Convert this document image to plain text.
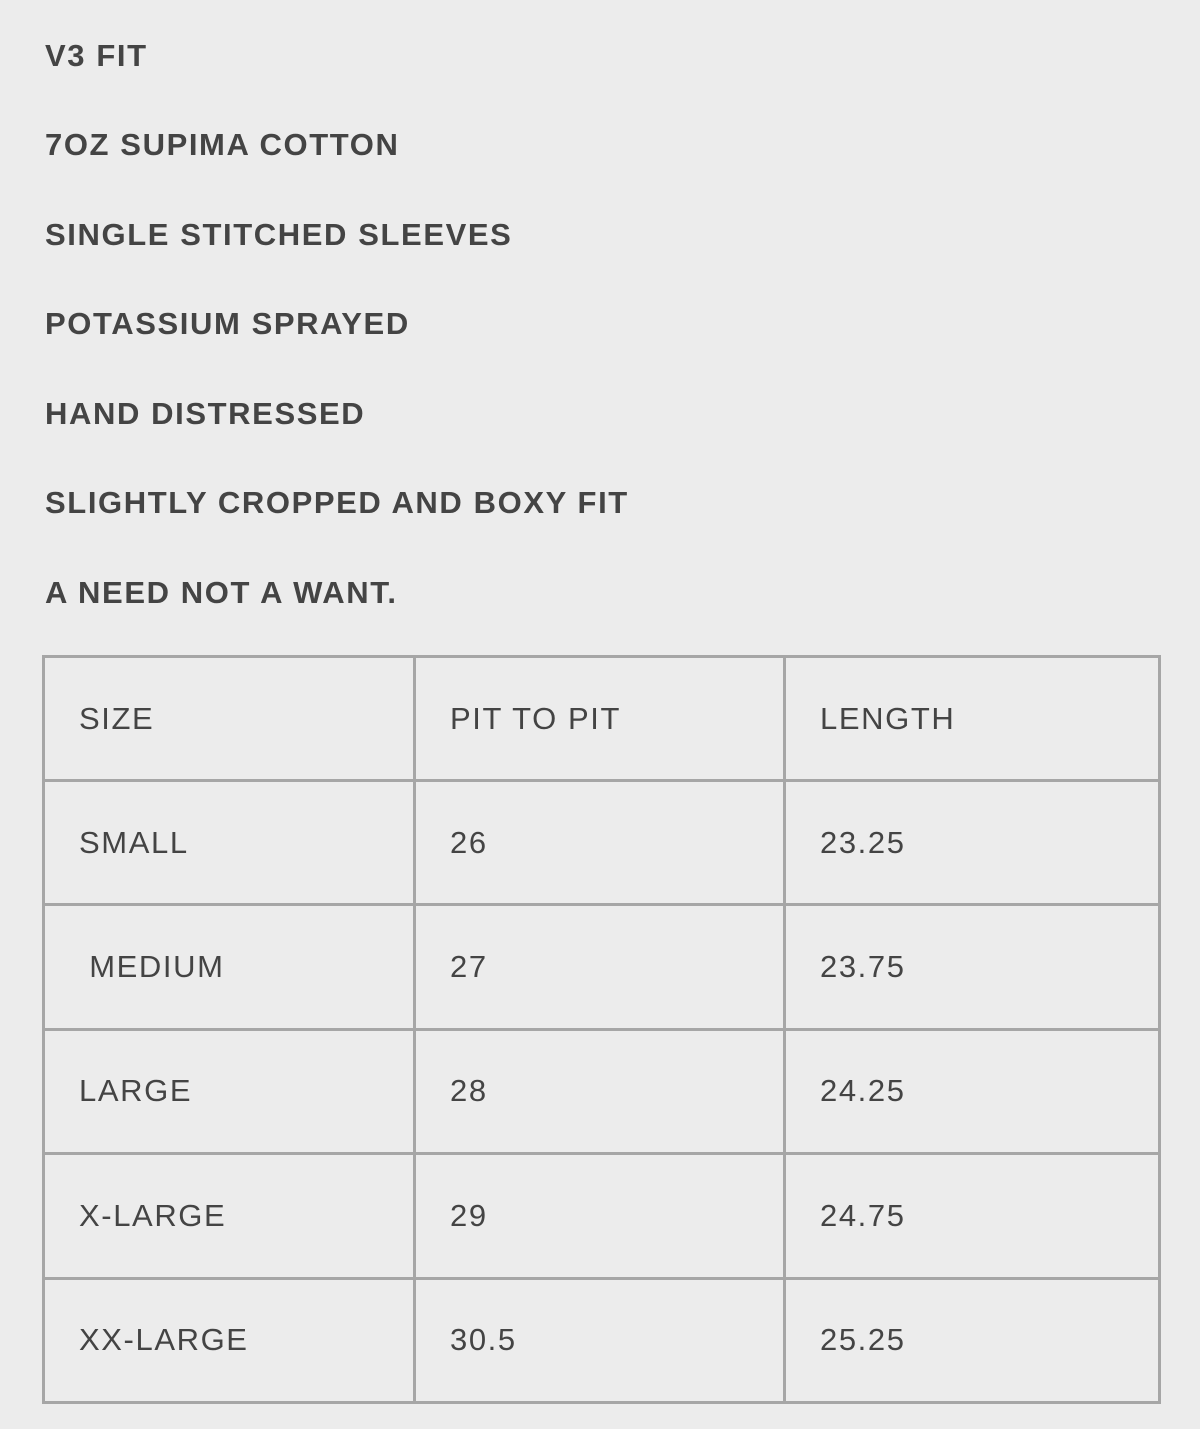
V3 FIT
7OZ SUPIMA COTTON
SINGLE STITCHED SLEEVES
POTASSIUM SPRAYED
HAND DISTRESSED
SLIGHTLY CROPPED AND BOXY FIT
A NEED NOT A WANT.
SIZE	PIT TO PIT	LENGTH
SMALL	26	23.25
MEDIUM	27	23.75
LARGE	28	24.25
X-LARGE	29	24.75
XX-LARGE	30.5	25.25
